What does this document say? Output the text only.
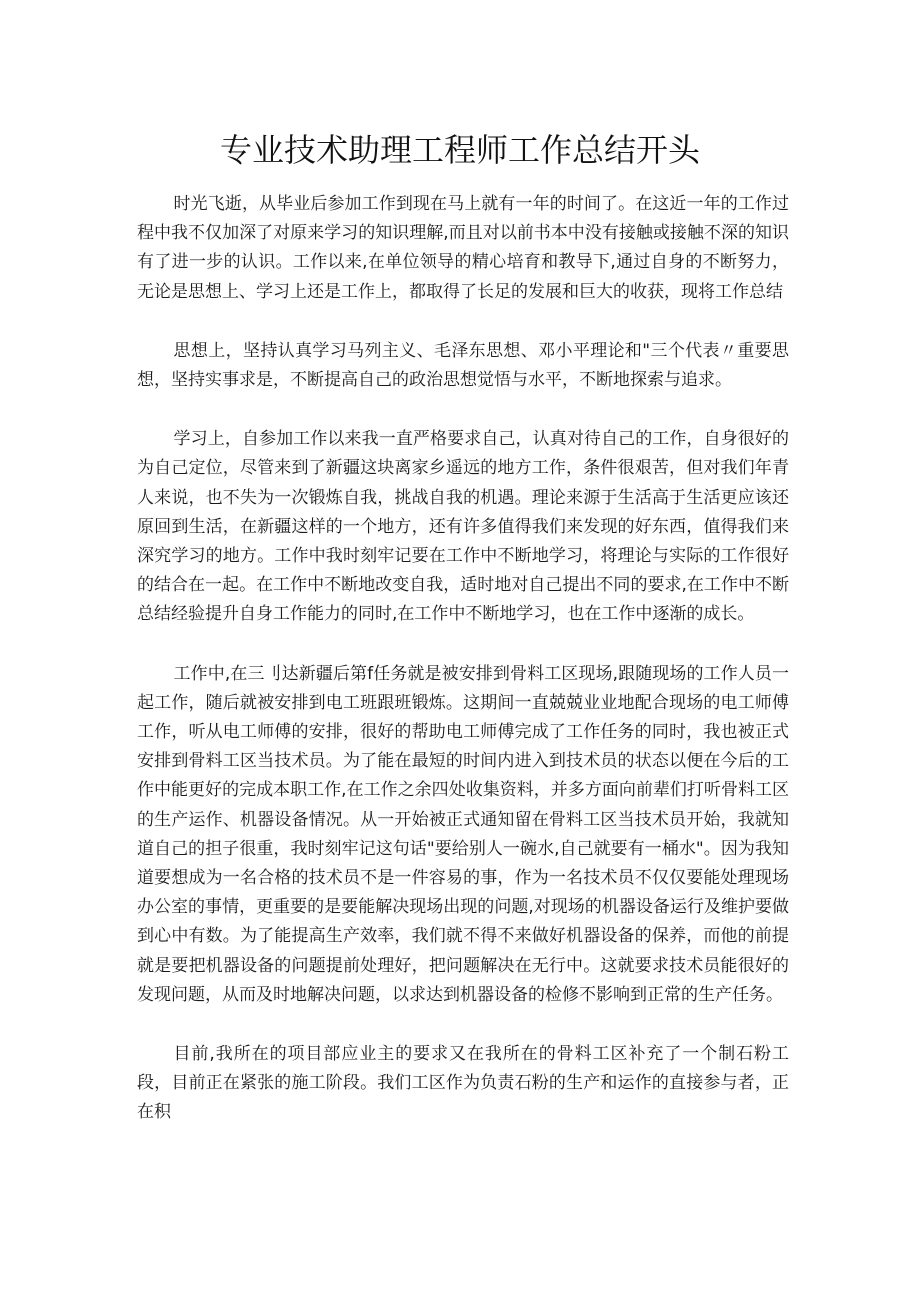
专业技术助理工程师工作总结开头

时光飞逝，从毕业后参加工作到现在马上就有一年的时间了。在这近一年的工作过程中我不仅加深了对原来学习的知识理解,而且对以前书本中没有接触或接触不深的知识有了进一步的认识。工作以来,在单位领导的精心培育和教导下,通过自身的不断努力，无论是思想上、学习上还是工作上，都取得了长足的发展和巨大的收获，现将工作总结

思想上，坚持认真学习马列主义、毛泽东思想、邓小平理论和"三个代表〃重要思想，坚持实事求是，不断提高自己的政治思想觉悟与水平，不断地探索与追求。

学习上，自参加工作以来我一直严格要求自己，认真对待自己的工作，自身很好的为自己定位，尽管来到了新疆这块离家乡遥远的地方工作，条件很艰苦，但对我们年青人来说，也不失为一次锻炼自我，挑战自我的机遇。理论来源于生活高于生活更应该还原回到生活，在新疆这样的一个地方，还有许多值得我们来发现的好东西，值得我们来深究学习的地方。工作中我时刻牢记要在工作中不断地学习，将理论与实际的工作很好的结合在一起。在工作中不断地改变自我，适时地对自己提出不同的要求,在工作中不断总结经验提升自身工作能力的同时,在工作中不断地学习，也在工作中逐渐的成长。

工作中,在三刂达新疆后第f任务就是被安排到骨料工区现场,跟随现场的工作人员一起工作，随后就被安排到电工班跟班锻炼。这期间一直兢兢业业地配合现场的电工师傅工作，听从电工师傅的安排，很好的帮助电工师傅完成了工作任务的同时，我也被正式安排到骨料工区当技术员。为了能在最短的时间内进入到技术员的状态以便在今后的工作中能更好的完成本职工作,在工作之余四处收集资料，并多方面向前辈们打听骨料工区的生产运作、机器设备情况。从一开始被正式通知留在骨料工区当技术员开始，我就知道自己的担子很重，我时刻牢记这句话"要给别人一碗水,自己就要有一桶水"。因为我知道要想成为一名合格的技术员不是一件容易的事，作为一名技术员不仅仅要能处理现场办公室的事情，更重要的是要能解决现场出现的问题,对现场的机器设备运行及维护要做到心中有数。为了能提高生产效率，我们就不得不来做好机器设备的保养，而他的前提就是要把机器设备的问题提前处理好，把问题解决在无行中。这就要求技术员能很好的发现问题，从而及时地解决问题，以求达到机器设备的检修不影响到正常的生产任务。

目前,我所在的项目部应业主的要求又在我所在的骨料工区补充了一个制石粉工段，目前正在紧张的施工阶段。我们工区作为负责石粉的生产和运作的直接参与者，正在积
